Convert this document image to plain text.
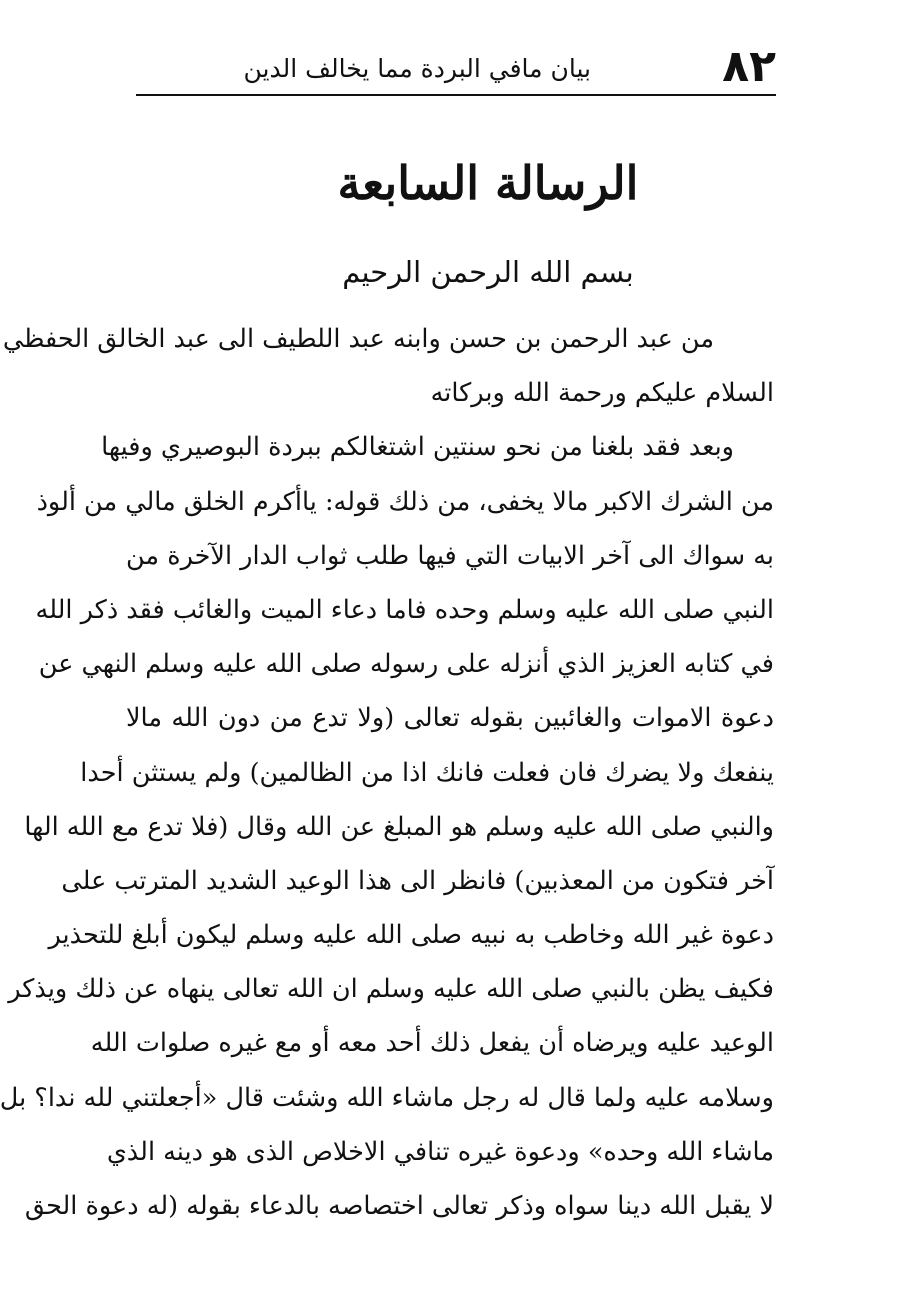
٨٢
بيان مافي البردة مما يخالف الدين
الرسالة السابعة
بسم الله الرحمن الرحيم
من عبد الرحمن بن حسن وابنه عبد اللطيف الى عبد الخالق الحفظي
السلام عليكم ورحمة الله وبركاته
وبعد فقد بلغنا من نحو سنتين اشتغالكم ببردة البوصيري وفيها
من الشرك الاكبر مالا يخفى، من ذلك قوله: ياأكرم الخلق مالي من ألوذ
به سواك الى آخر الابيات التي فيها طلب ثواب الدار الآخرة من
النبي صلى الله عليه وسلم وحده فاما دعاء الميت والغائب فقد ذكر الله
في كتابه العزيز الذي أنزله على رسوله صلى الله عليه وسلم النهي عن
دعوة الاموات والغائبين بقوله تعالى (ولا تدع من دون الله مالا
ينفعك ولا يضرك فان فعلت فانك اذا من الظالمين) ولم يستثن أحدا
والنبي صلى الله عليه وسلم هو المبلغ عن الله وقال (فلا تدع مع الله الها
آخر فتكون من المعذبين) فانظر الى هذا الوعيد الشديد المترتب على
دعوة غير الله وخاطب به نبيه صلى الله عليه وسلم ليكون أبلغ للتحذير
فكيف يظن بالنبي صلى الله عليه وسلم ان الله تعالى ينهاه عن ذلك ويذكر
الوعيد عليه ويرضاه أن يفعل ذلك أحد معه أو مع غيره صلوات الله
وسلامه عليه ولما قال له رجل ماشاء الله وشئت قال «أجعلتني لله ندا؟ بل
ماشاء الله وحده» ودعوة غيره تنافي الاخلاص الذى هو دينه الذي
لا يقبل الله دينا سواه وذكر تعالى اختصاصه بالدعاء بقوله (له دعوة الحق
